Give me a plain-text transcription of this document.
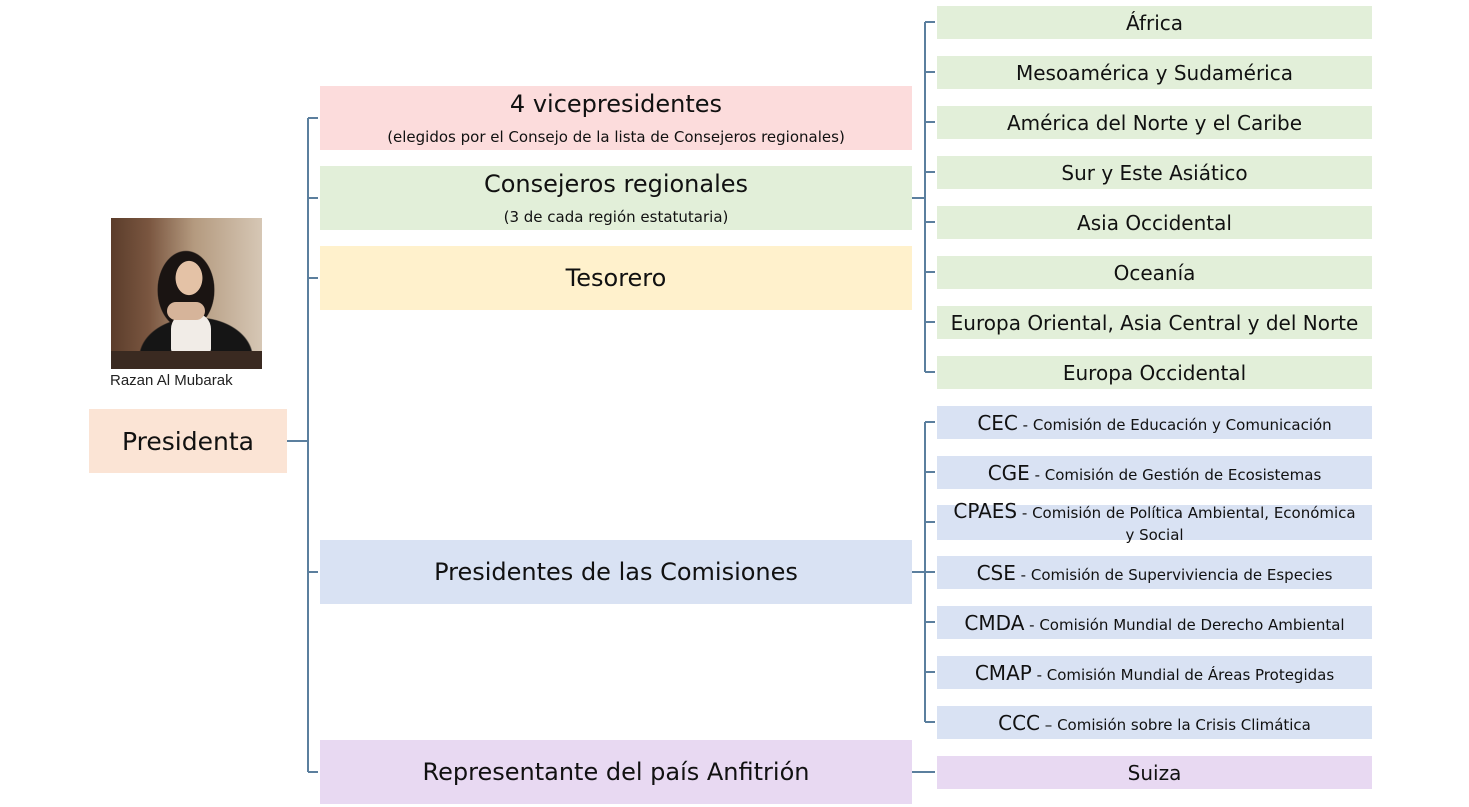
Razan Al Mubarak
Presidenta
4 vicepresidentes
(elegidos por el Consejo de la lista de Consejeros regionales)
Consejeros regionales
(3 de cada región estatutaria)
Tesorero
Presidentes de las Comisiones
Representante del país Anfitrión
África
Mesoamérica y Sudamérica
América del Norte y el Caribe
Sur y Este Asiático
Asia Occidental
Oceanía
Europa Oriental, Asia Central y del Norte
Europa Occidental
CEC - Comisión de Educación y Comunicación
CGE - Comisión de Gestión de Ecosistemas
CPAES - Comisión de Política Ambiental, Económica y Social
CSE - Comisión de Superviviencia de Especies
CMDA - Comisión Mundial de Derecho Ambiental
CMAP - Comisión Mundial de Áreas Protegidas
CCC – Comisión sobre la Crisis Climática
Suiza
